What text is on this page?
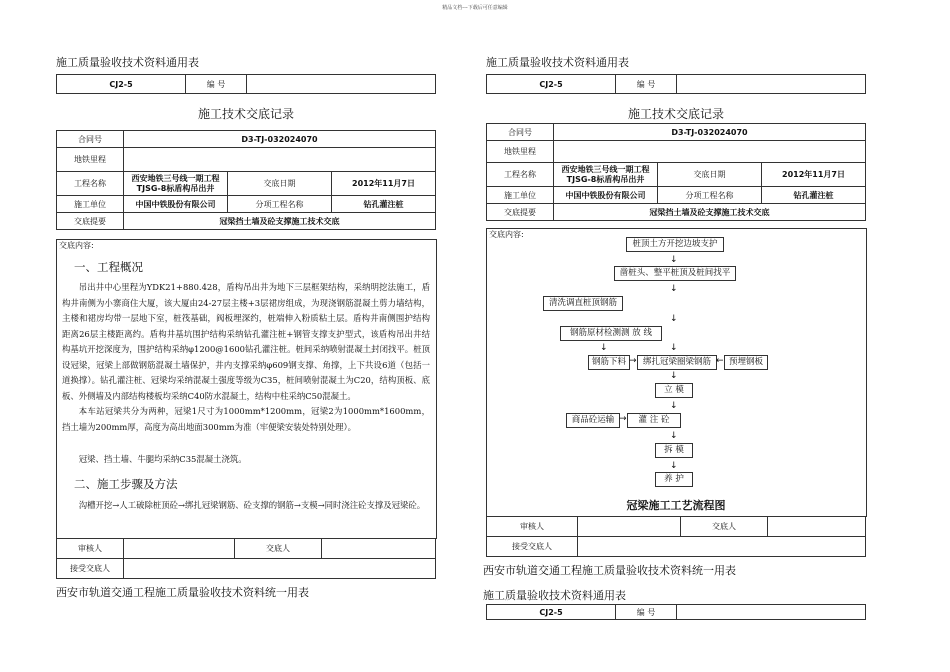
精品文档---下载后可任意编辑
施工质量验收技术资料通用表
CJ2-5	编 号	
施工技术交底记录
合同号	D3-TJ-032024070		
地铁里程			
工程名称	西安地铁三号线一期工程
TJSG-8标盾构吊出井	交底日期	2012年11月7日
施工单位	中国中铁股份有限公司	分项工程名称	钻孔灌注桩
交底提要	冠梁挡土墙及砼支撑施工技术交底		
交底内容:
一、工程概况
吊出井中心里程为YDK21+880.428，盾构吊出井为地下三层框架结构，采纳明挖法施工，盾构井南侧为小寨商住大厦，该大厦由24-27层主楼+3层裙房组成，为现浇钢筋混凝土剪力墙结构，主楼和裙房均带一层地下室，桩筏基础，阀板埋深约，桩端伸入粉质粘土层。盾构井南侧围护结构距离26层主楼距离约。盾构井基坑围护结构采纳钻孔灌注桩+钢管支撑支护型式，该盾构吊出井结构基坑开挖深度为，围护结构采纳φ1200@1600钻孔灌注桩。桩间采纳喷射混凝土封闭找平。桩顶设冠梁，冠梁上部做钢筋混凝土墙保护，井内支撑采纳φ609钢支撑、角撑，上下共设6道（包括一道换撑）。钻孔灌注桩、冠梁均采纳混凝土强度等级为C35，桩间喷射混凝土为C20，结构顶板、底板、外侧墙及内部结构楼板均采纳C40防水混凝土，结构中柱采纳C50混凝土。
本车站冠梁共分为两种，冠梁1尺寸为1000mm*1200mm，冠梁2为1000mm*1600mm，挡土墙为200mm厚，高度为高出地面300mm为准（牢便梁安装处特别处理）。
冠梁、挡土墙、牛腿均采纳C35混凝土浇筑。
二、施工步骤及方法
沟槽开挖→人工破除桩顶砼→绑扎冠梁钢筋、砼支撑的钢筋→支模→同时浇注砼支撑及冠梁砼。
审核人		交底人	
接受交底人			
西安市轨道交通工程施工质量验收技术资料统一用表
施工质量验收技术资料通用表
CJ2-5	编 号	
施工技术交底记录
合同号	D3-TJ-032024070		
地铁里程			
工程名称	西安地铁三号线一期工程
TJSG-8标盾构吊出井	交底日期	2012年11月7日
施工单位	中国中铁股份有限公司	分项工程名称	钻孔灌注桩
交底提要	冠梁挡土墙及砼支撑施工技术交底		
交底内容:
桩顶土方开挖边坡支护
↓
凿桩头、整平桩顶及桩间找平
↓
清洗调直桩顶钢筋
↓
钢筋原材检测测 放 线
↓	↓
钢筋下料 → 绑扎冠梁圈梁钢筋 ← 预埋钢板
↓
立 模
↓
商品砼运输 →	灌 注 砼
↓
拆 模
↓
养 护
冠梁施工工艺流程图
审核人		交底人	
接受交底人			
西安市轨道交通工程施工质量验收技术资料统一用表
施工质量验收技术资料通用表
CJ2-5	编 号	
